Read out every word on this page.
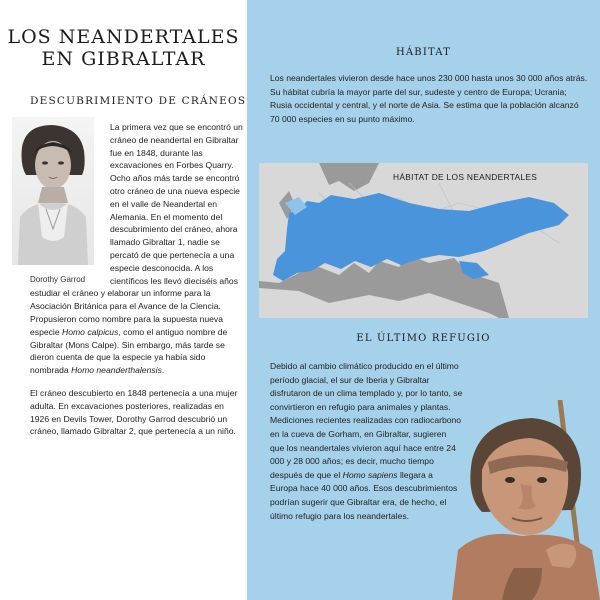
LOS NEANDERTALES
EN GIBRALTAR
DESCUBRIMIENTO DE CRÁNEOS
Dorothy Garrod

La primera vez que se encontró un cráneo de neandertal en Gibraltar fue en 1848, durante las excavaciones en Forbes Quarry. Ocho años más tarde se encontró otro cráneo de una nueva especie en el valle de Neandertal en Alemania. En el momento del descubrimiento del cráneo, ahora llamado Gibraltar 1, nadie se percató de que pertenecía a una especie desconocida. A los científicos les llevó dieciséis años estudiar el cráneo y elaborar un informe para la Asociación Británica para el Avance de la Ciencia. Propusieron como nombre para la supuesta nueva especie Homo calpicus, como el antiguo nombre de Gibraltar (Mons Calpe). Sin embargo, más tarde se dieron cuenta de que la especie ya había sido nombrada Homo neanderthalensis.

El cráneo descubierto en 1848 pertenecía a una mujer adulta. En excavaciones posteriores, realizadas en 1926 en Devils Tower, Dorothy Garrod descubrió un cráneo, llamado Gibraltar 2, que pertenecía a un niño.

HÁBITAT

Los neandertales vivieron desde hace unos 230 000 hasta unos 30 000 años atrás. Su hábitat cubría la mayor parte del sur, sudeste y centro de Europa; Ucrania; Rusia occidental y central, y el norte de Asia. Se estima que la población alcanzó 70 000 especies en su punto máximo.

HÁBITAT DE LOS NEANDERTALES
EL ÚLTIMO REFUGIO

Debido al cambio climático producido en el último período glacial, el sur de Iberia y Gibraltar disfrutaron de un clima templado y, por lo tanto, se convirtieron en refugio para animales y plantas. Mediciones recientes realizadas con radiocarbono en la cueva de Gorham, en Gibraltar, sugieren que los neandertales vivieron aquí hace entre 24 000 y 28 000 años; es decir, mucho tiempo después de que el Homo sapiens llegara a Europa hace 40 000 años. Esos descubrimientos podrían sugerir que Gibraltar era, de hecho, el último refugio para los neandertales.
